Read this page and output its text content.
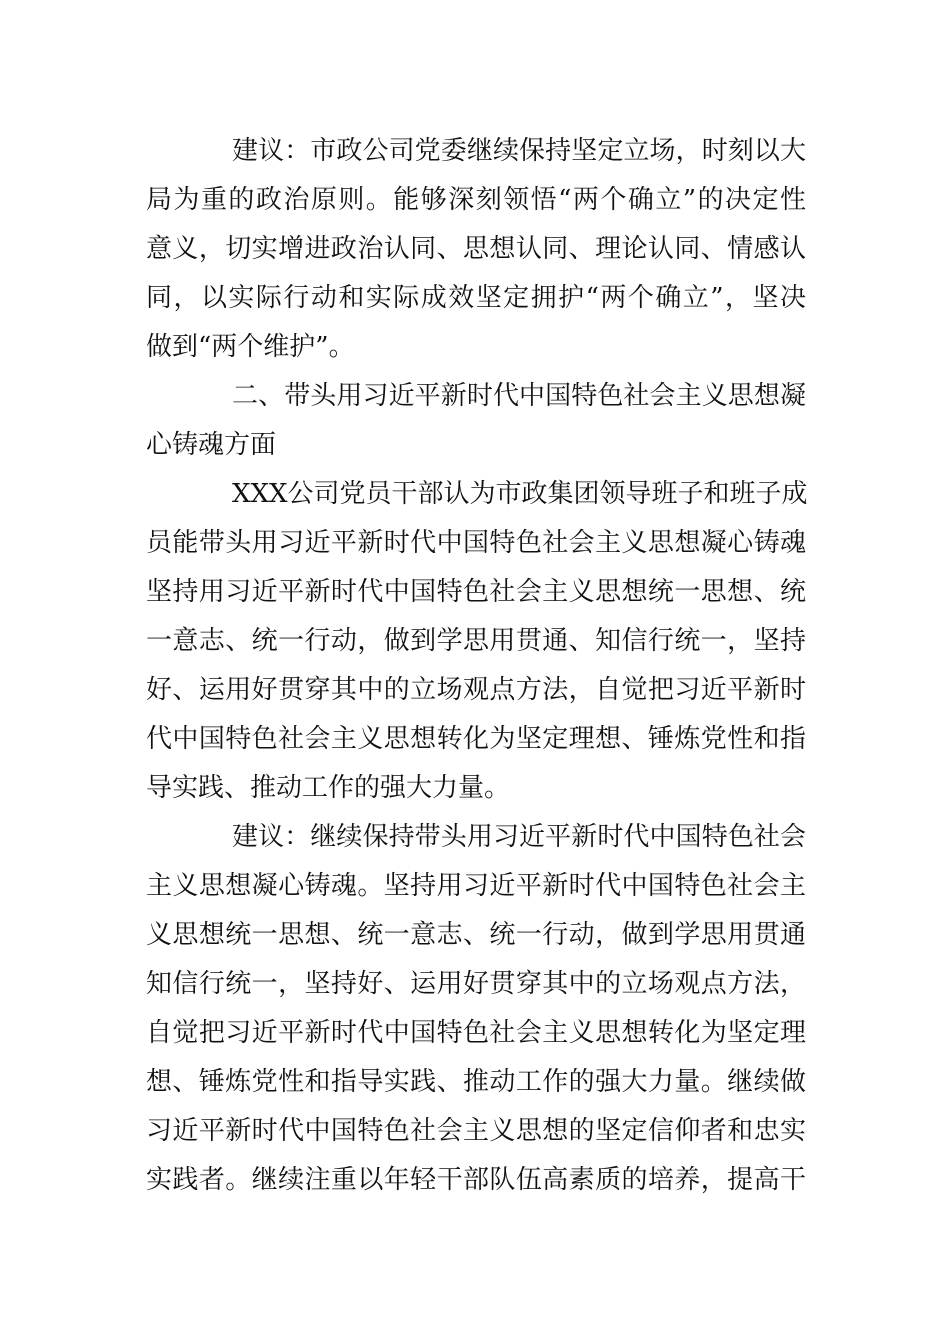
建议：市政公司党委继续保持坚定立场，时刻以大
局为重的政治原则。能够深刻领悟“两个确立”的决定性
意义，切实增进政治认同、思想认同、理论认同、情感认
同，以实际行动和实际成效坚定拥护“两个确立”，坚决
做到“两个维护”。
二、带头用习近平新时代中国特色社会主义思想凝
心铸魂方面
XXX公司党员干部认为市政集团领导班子和班子成
员能带头用习近平新时代中国特色社会主义思想凝心铸魂
坚持用习近平新时代中国特色社会主义思想统一思想、统
一意志、统一行动，做到学思用贯通、知信行统一，坚持
好、运用好贯穿其中的立场观点方法，自觉把习近平新时
代中国特色社会主义思想转化为坚定理想、锤炼党性和指
导实践、推动工作的强大力量。
建议：继续保持带头用习近平新时代中国特色社会
主义思想凝心铸魂。坚持用习近平新时代中国特色社会主
义思想统一思想、统一意志、统一行动，做到学思用贯通
知信行统一，坚持好、运用好贯穿其中的立场观点方法，
自觉把习近平新时代中国特色社会主义思想转化为坚定理
想、锤炼党性和指导实践、推动工作的强大力量。继续做
习近平新时代中国特色社会主义思想的坚定信仰者和忠实
实践者。继续注重以年轻干部队伍高素质的培养，提高干
